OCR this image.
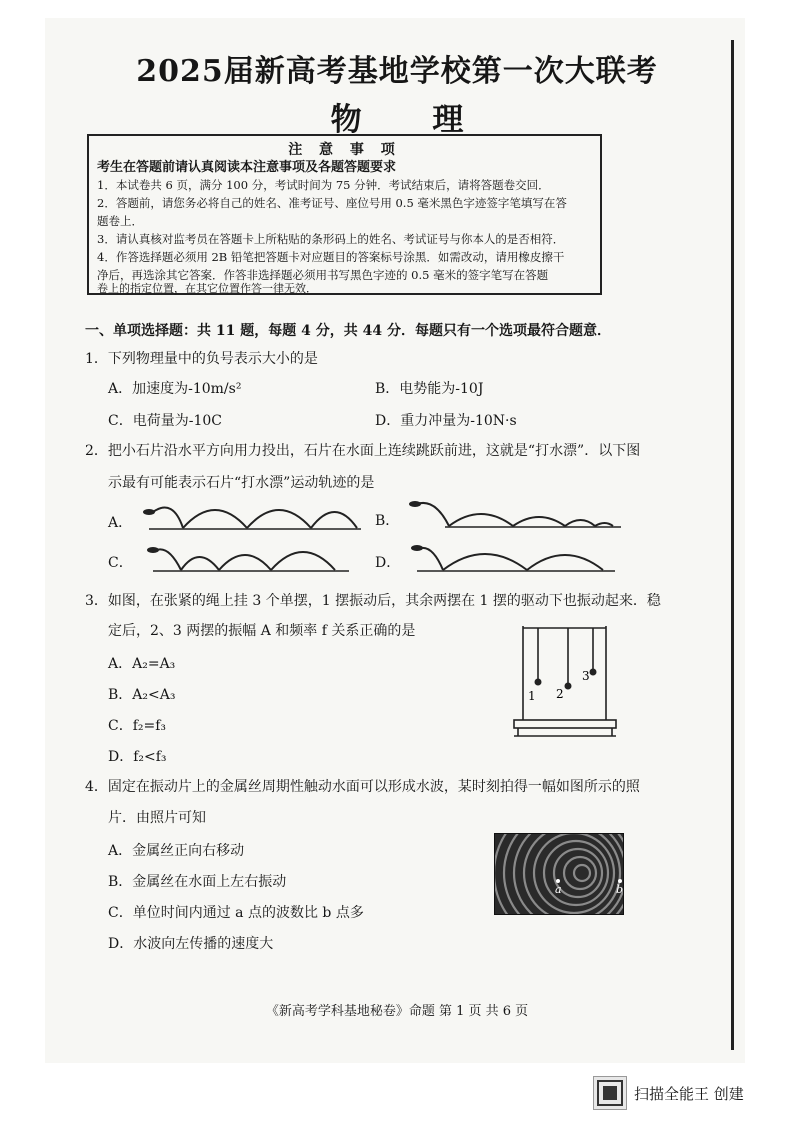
2025届新高考基地学校第一次大联考
物 理
注 意 事 项
考生在答题前请认真阅读本注意事项及各题答题要求
1．本试卷共 6 页，满分 100 分，考试时间为 75 分钟．考试结束后，请将答题卷交回．
2．答题前，请您务必将自己的姓名、准考证号、座位号用 0.5 毫米黑色字迹签字笔填写在答
题卷上．
3．请认真核对监考员在答题卡上所粘贴的条形码上的姓名、考试证号与你本人的是否相符．
4．作答选择题必须用 2B 铅笔把答题卡对应题目的答案标号涂黑．如需改动，请用橡皮擦干
净后，再选涂其它答案．作答非选择题必须用书写黑色字迹的 0.5 毫米的签字笔写在答题
卷上的指定位置，在其它位置作答一律无效．
一、单项选择题：共 11 题，每题 4 分，共 44 分．每题只有一个选项最符合题意．
1．下列物理量中的负号表示大小的是
A．加速度为-10m/s²	B．电势能为-10J
C．电荷量为-10C	D．重力冲量为-10N·s
2．把小石片沿水平方向用力投出，石片在水面上连续跳跃前进，这就是“打水漂”．以下图
示最有可能表示石片“打水漂”运动轨迹的是
A．	B．
C．	D．
3．如图，在张紧的绳上挂 3 个单摆，1 摆振动后，其余两摆在 1 摆的驱动下也振动起来．稳
定后，2、3 两摆的振幅 A 和频率 f 关系正确的是
A．A₂=A₃
B．A₂<A₃
C．f₂=f₃
D．f₂<f₃
1 2
3
4．固定在振动片上的金属丝周期性触动水面可以形成水波，某时刻拍得一幅如图所示的照
片．由照片可知
A．金属丝正向右移动
B．金属丝在水面上左右振动
C．单位时间内通过 a 点的波数比 b 点多
D．水波向左传播的速度大
a	b
《新高考学科基地秘卷》命题 第 1 页 共 6 页
扫描全能王 创建
